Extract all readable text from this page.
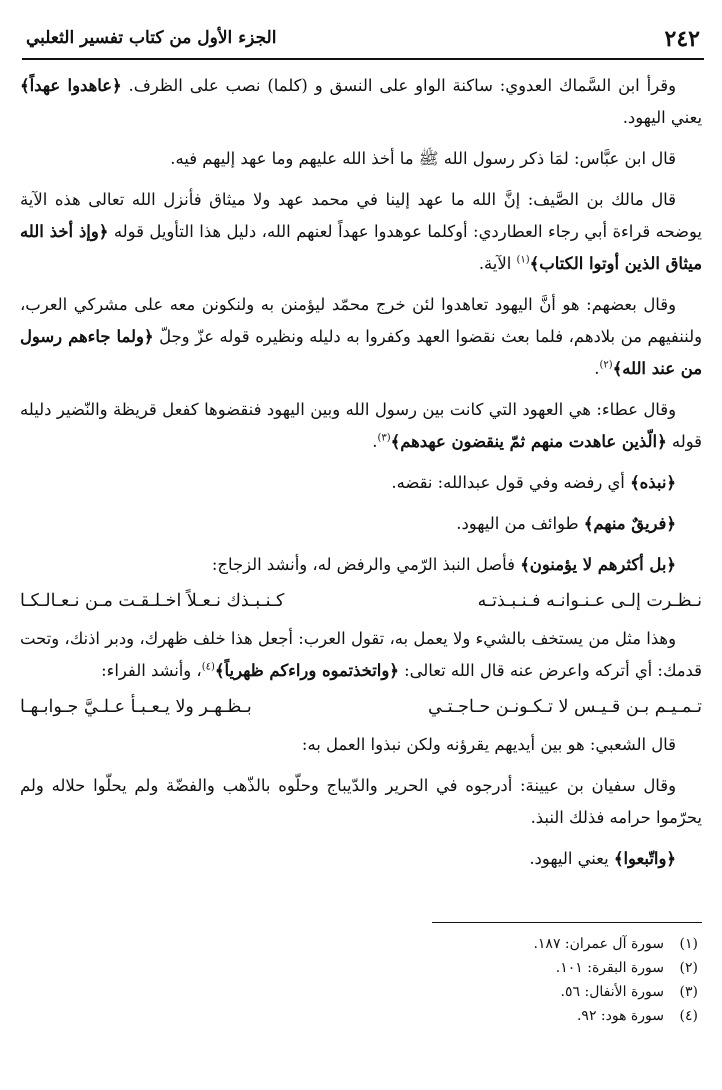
٢٤٢
الجزء الأول من كتاب تفسير الثعلبي

وقرأ ابن السَّماك العدوي: ساكنة الواو على النسق و (كلما) نصب على الظرف. ﴿عاهدوا عهداً﴾ يعني اليهود.

قال ابن عبَّاس: لمَا ذكر رسول الله ﷺ ما أخذ الله عليهم وما عهد إليهم فيه.

قال مالك بن الصَّيف: إنَّ الله ما عهد إلينا في محمد عهد ولا ميثاق فأنزل الله تعالى هذه الآية يوضحه قراءة أبي رجاء العطاردي: أوكلما عوهدوا عهداً لعنهم الله، دليل هذا التأويل قوله ﴿وإذ أخذ الله ميثاق الذين أوتوا الكتاب﴾$^{(١)}$ الآية.

وقال بعضهم: هو أنَّ اليهود تعاهدوا لئن خرج محمّد ليؤمنن به ولنكونن معه على مشركي العرب، ولننفيهم من بلادهم، فلما بعث نقضوا العهد وكفروا به دليله ونظيره قوله عزّ وجلّ ﴿ولما جاءهم رسول من عند الله﴾$^{(٢)}$.

وقال عطاء: هي العهود التي كانت بين رسول الله وبين اليهود فنقضوها كفعل قريظة والنّضير دليله قوله ﴿الّذين عاهدت منهم ثمّ ينقضون عهدهم﴾$^{(٣)}$.

﴿نبذه﴾ أي رفضه وفي قول عبدالله: نقضه.

﴿فريقٌ منهم﴾ طوائف من اليهود.

﴿بل أكثرهم لا يؤمنون﴾ فأصل النبذ الرّمي والرفض له، وأنشد الزجاج:

نـظـرت إلـى عـنـوانـه فـنـبـذتـه
كـنـبـذك نـعـلاً اخـلـقـت مـن نـعـالـكـا

وهذا مثل من يستخف بالشيء ولا يعمل به، تقول العرب: أجعل هذا خلف ظهرك، ودبر اذنك، وتحت قدمك: أي أتركه واعرض عنه قال الله تعالى: ﴿واتخذتموه وراءكم ظهرياً﴾$^{(٤)}$، وأنشد الفراء:

تـمـيـم بـن قـيـس لا تـكـونـن حـاجـتـي
بـظـهـر ولا يـعـبـأ عـلـيَّ جـوابـهـا

قال الشعبي: هو بين أيديهم يقرؤنه ولكن نبذوا العمل به:

وقال سفيان بن عيينة: أدرجوه في الحرير والدّيباج وحلّوه بالذّهب والفضّة ولم يحلّوا حلاله ولم يحرّموا حرامه فذلك النبذ.

﴿واتّبعوا﴾ يعني اليهود.

(١)سورة آل عمران: ١٨٧.
(٢)سورة البقرة: ١٠١.
(٣)سورة الأنفال: ٥٦.
(٤)سورة هود: ٩٢.
